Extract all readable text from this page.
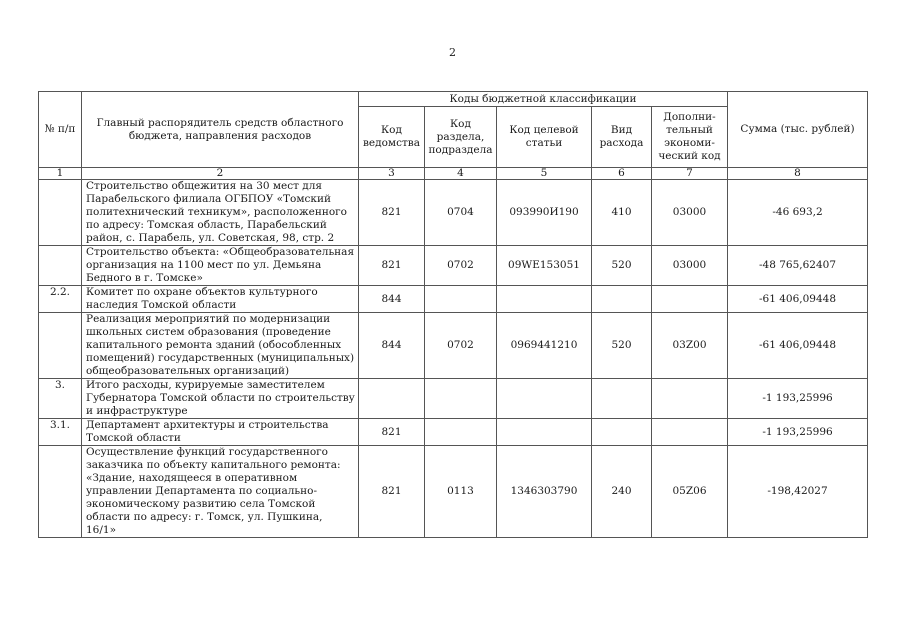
2
№ п/п	Главный распорядитель средств областного бюджета, направления расходов	Коды бюджетной классификации					Сумма (тыс. рублей)
		Код ведомства	Код раздела, подраздела	Код целевой статьи	Вид расхода	Дополни-тельный экономи-ческий код	
1	2	3	4	5	6	7	8
	Строительство общежития на 30 мест для Парабельского филиала ОГБПОУ «Томский политехнический техникум», расположенного по адресу: Томская область, Парабельский район, с. Парабель, ул. Советская, 98, стр. 2	821	0704	093990И190	410	03000	-46 693,2
	Строительство объекта: «Общеобразовательная организация на 1100 мест по ул. Демьяна Бедного в г. Томске»	821	0702	09WE153051	520	03000	-48 765,62407
2.2.	Комитет по охране объектов культурного наследия Томской области	844					-61 406,09448
	Реализация мероприятий по модернизации школьных систем образования (проведение капитального ремонта зданий (обособленных помещений) государственных (муниципальных) общеобразовательных организаций)	844	0702	0969441210	520	03Z00	-61 406,09448
3.	Итого расходы, курируемые заместителем Губернатора Томской области по строительству и инфраструктуре						-1 193,25996
3.1.	Департамент архитектуры и строительства Томской области	821					-1 193,25996
	Осуществление функций государственного заказчика по объекту капитального ремонта: «Здание, находящееся в оперативном управлении Департамента по социально-экономическому развитию села Томской области по адресу: г. Томск, ул. Пушкина, 16/1»	821	0113	1346303790	240	05Z06	-198,42027
